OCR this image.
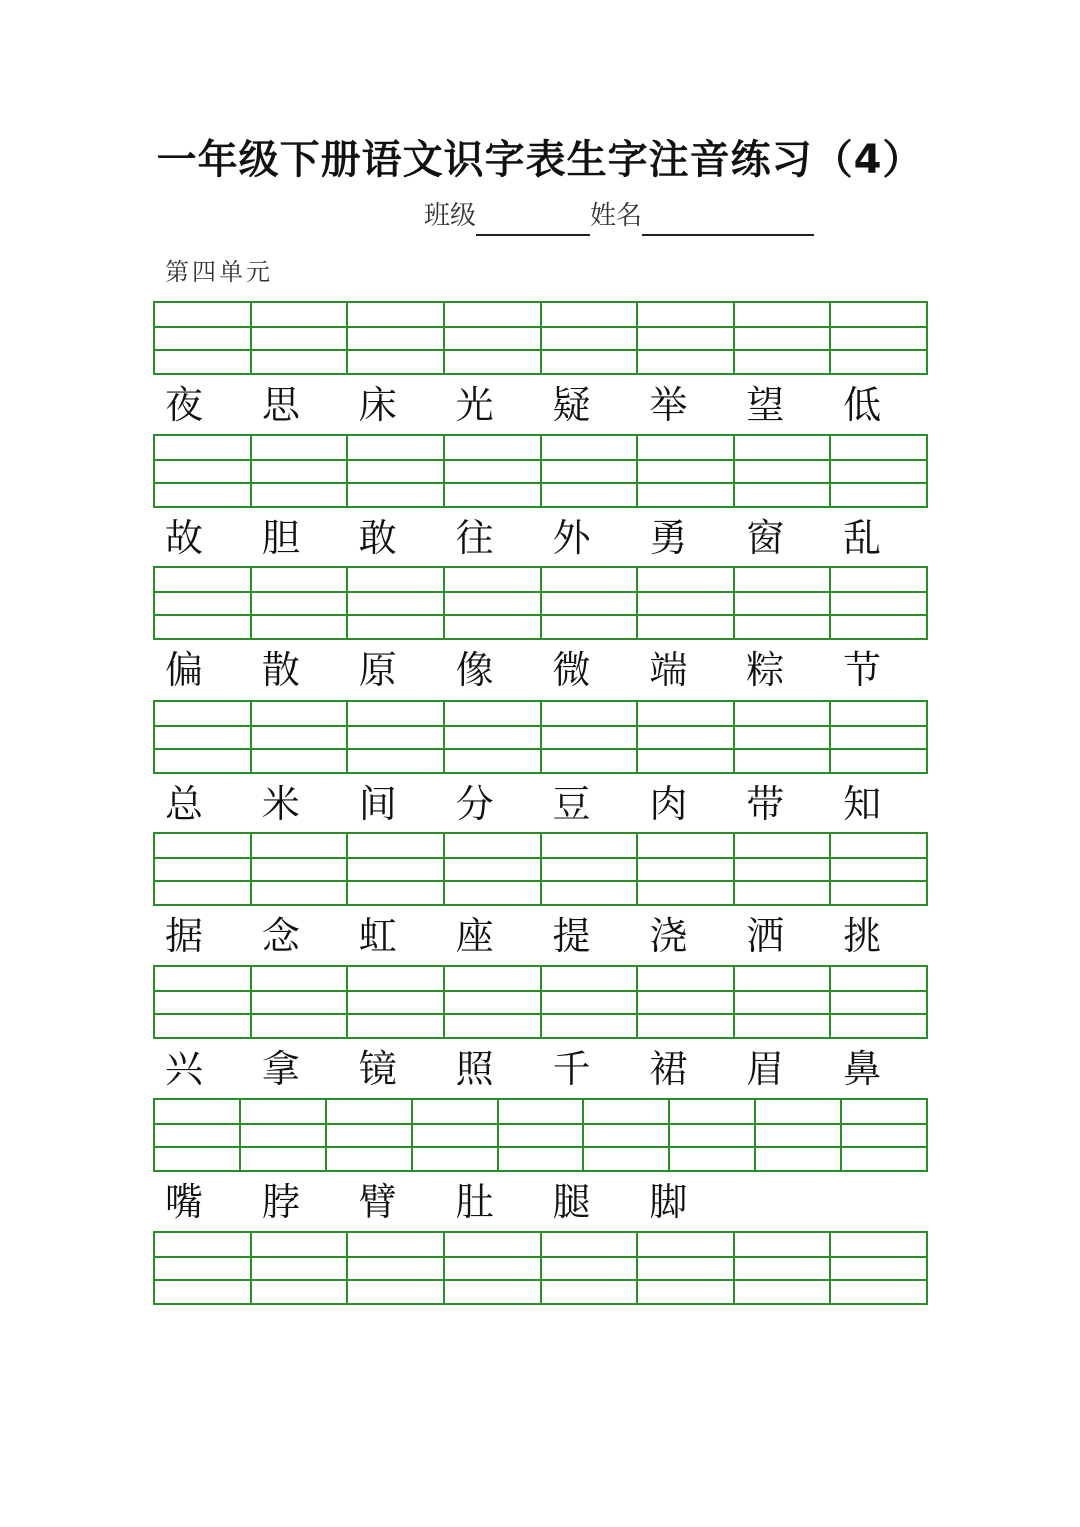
一年级下册语文识字表生字注音练习（4）
班级	姓名
第四单元
夜	思	床	光	疑	举	望	低
故	胆	敢	往	外	勇	窗	乱
偏	散	原	像	微	端	粽	节
总	米	间	分	豆	肉	带	知
据	念	虹	座	提	浇	洒	挑
兴	拿	镜	照	千	裙	眉	鼻
嘴	脖	臂	肚	腿	脚
